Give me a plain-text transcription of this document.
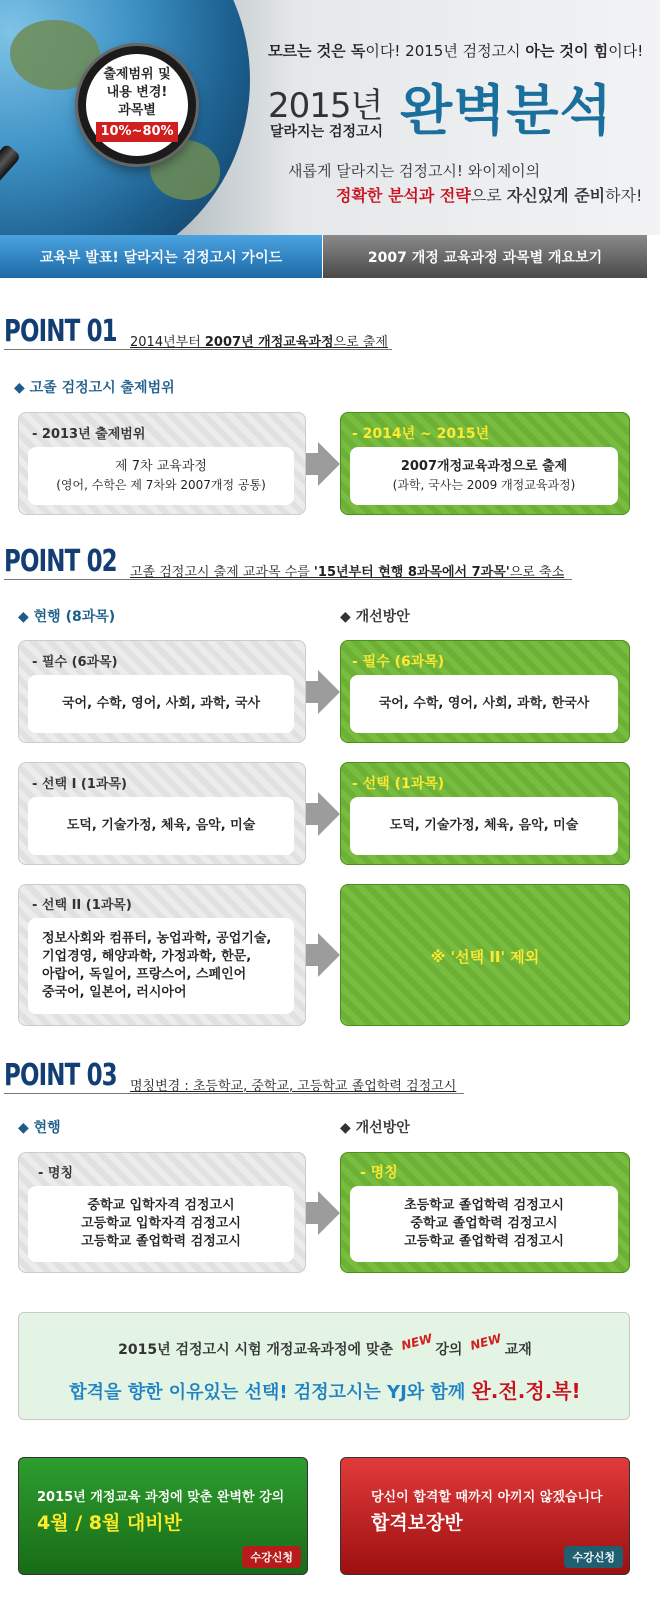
출제범위 및
내용 변경!
과목별
10%~80%
모르는 것은 독이다! 2015년 검정고시 아는 것이 힘이다!
2015년
달라지는 검정고시 완벽분석
새롭게 달라지는 검정고시! 와이제이의
정확한 분석과 전략으로 자신있게 준비하자!
교육부 발표! 달라지는 검정고시 가이드	2007 개정 교육과정 과목별 개요보기
POINT 01 2014년부터 2007년 개정교육과정으로 출제
◆ 고졸 검정고시 출제범위
- 2013년 출제범위
제 7차 교육과정
(영어, 수학은 제 7차와 2007개정 공통)
- 2014년 ~ 2015년
2007개정교육과정으로 출제
(과학, 국사는 2009 개정교육과정)
POINT 02 고졸 검정고시 출제 교과목 수를 '15년부터 현행 8과목에서 7과목'으로 축소
◆ 현행 (8과목)	◆ 개선방안
- 필수 (6과목)
국어, 수학, 영어, 사회, 과학, 국사
- 필수 (6과목)
국어, 수학, 영어, 사회, 과학, 한국사
- 선택 I (1과목)
도덕, 기술가정, 체육, 음악, 미술
- 선택 (1과목)
도덕, 기술가정, 체육, 음악, 미술
- 선택 II (1과목)
정보사회와 컴퓨터, 농업과학, 공업기술,
기업경영, 해양과학, 가정과학, 한문,
아랍어, 독일어, 프랑스어, 스페인어
중국어, 일본어, 러시아어
※ '선택 II' 제외
POINT 03 명칭변경 : 초등학교, 중학교, 고등학교 졸업학력 검정고시
◆ 현행	◆ 개선방안
- 명칭
중학교 입학자격 검정고시
고등학교 입학자격 검정고시
고등학교 졸업학력 검정고시
- 명칭
초등학교 졸업학력 검정고시
중학교 졸업학력 검정고시
고등학교 졸업학력 검정고시
2015년 검정고시 시험 개정교육과정에 맞춘 NEW 강의 NEW 교재
합격을 향한 이유있는 선택! 검정고시는 YJ와 함께 완.전.정.복!
2015년 개정교육 과정에 맞춘 완벽한 강의
4월 / 8월 대비반
수강신청
당신이 합격할 때까지 아끼지 않겠습니다
합격보장반
수강신청
